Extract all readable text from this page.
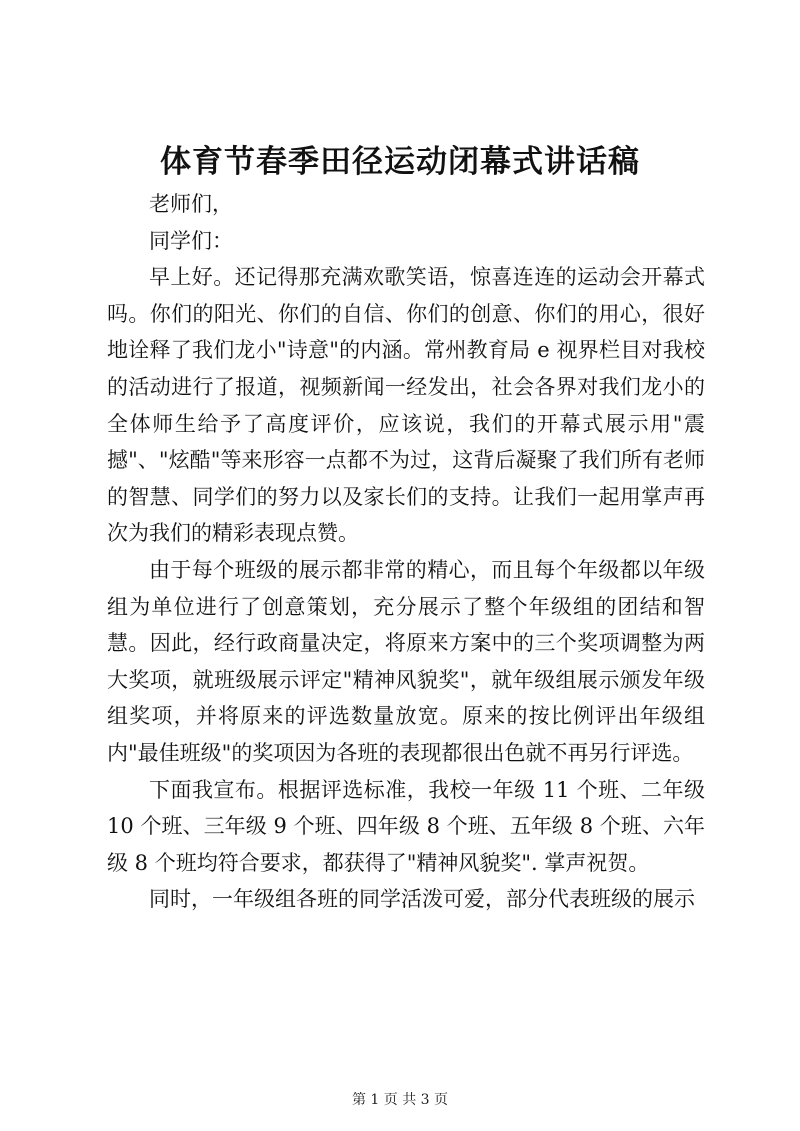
体育节春季田径运动闭幕式讲话稿

老师们，

同学们：

早上好。还记得那充满欢歌笑语，惊喜连连的运动会开幕式吗。你们的阳光、你们的自信、你们的创意、你们的用心，很好地诠释了我们龙小"诗意"的内涵。常州教育局 e 视界栏目对我校的活动进行了报道，视频新闻一经发出，社会各界对我们龙小的全体师生给予了高度评价，应该说，我们的开幕式展示用"震撼"、"炫酷"等来形容一点都不为过，这背后凝聚了我们所有老师的智慧、同学们的努力以及家长们的支持。让我们一起用掌声再次为我们的精彩表现点赞。

由于每个班级的展示都非常的精心，而且每个年级都以年级组为单位进行了创意策划，充分展示了整个年级组的团结和智慧。因此，经行政商量决定，将原来方案中的三个奖项调整为两大奖项，就班级展示评定"精神风貌奖"，就年级组展示颁发年级组奖项，并将原来的评选数量放宽。原来的按比例评出年级组内"最佳班级"的奖项因为各班的表现都很出色就不再另行评选。

下面我宣布。根据评选标准，我校一年级 11 个班、二年级 10 个班、三年级 9 个班、四年级 8 个班、五年级 8 个班、六年级 8 个班均符合要求，都获得了"精神风貌奖". 掌声祝贺。

同时，一年级组各班的同学活泼可爱，部分代表班级的展示

第 1 页 共 3 页
